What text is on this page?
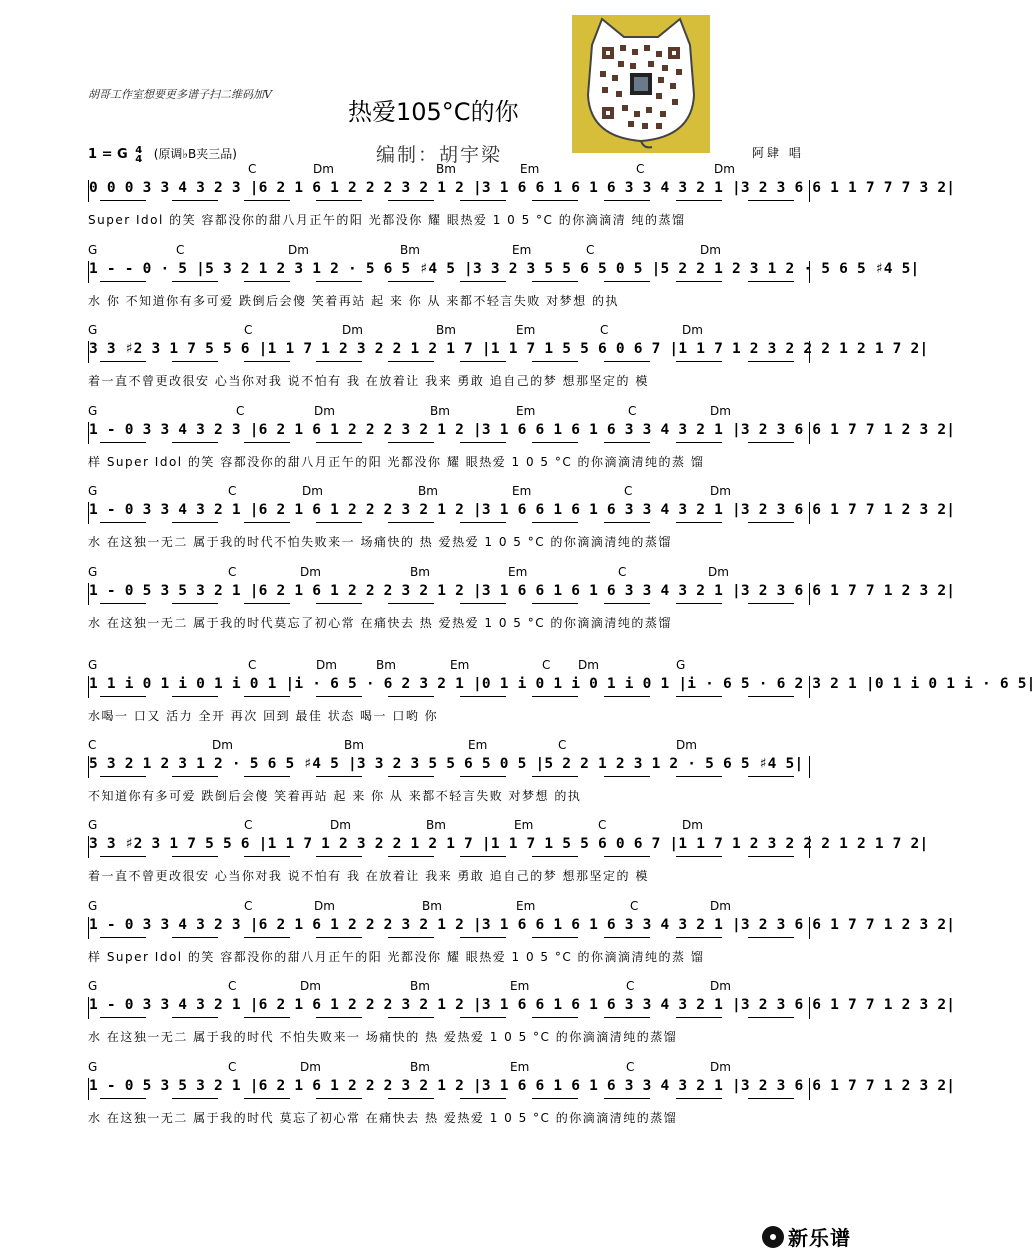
胡哥工作室想要更多谱子扫二维码加V
热爱105°C的你
1 = G 4
4 (原调♭B夹三品)	编制：胡宇梁	阿肆 唱
C	Dm	Bm	Em	C	Dm
0 0 0 3 3 4 3 2 3 |6 2 1 6 1 2 2 2 3 2 1 2 |3 1 6 6 1 6 1 6 3 3 4 3 2 1 |3 2 3 6 6 1 1 7 7 7 3 2|
Super Idol 的笑 容都没你的甜八月正午的阳 光都没你 耀 眼热爱 1 0 5 °C 的你滴滴清 纯的蒸馏
G	C	Dm	Bm	Em	C	Dm
1 - - 0 · 5 |5 3 2 1 2 3 1 2 · 5 6 5 ♯4 5 |3 3 2 3 5 5 6 5 0 5 |5 2 2 1 2 3 1 2 · 5 6 5 ♯4 5|
水 你 不知道你有多可爱 跌倒后会傻 笑着再站 起 来 你 从 来都不轻言失败 对梦想 的执
G	C	Dm	Bm	Em	C	Dm
3 3 ♯2 3 1 7 5 5 6 |1 1 7 1 2 3 2 2 1 2 1 7 |1 1 7 1 5 5 6 0 6 7 |1 1 7 1 2 3 2 2 2 1 2 1 7 2|
着一直不曾更改很安 心当你对我 说不怕有 我 在放着让 我来 勇敢 追自己的梦 想那坚定的 模
G	C	Dm	Bm	Em	C	Dm
1 - 0 3 3 4 3 2 3 |6 2 1 6 1 2 2 2 3 2 1 2 |3 1 6 6 1 6 1 6 3 3 4 3 2 1 |3 2 3 6 6 1 7 7 1 2 3 2|
样 Super Idol 的笑 容都没你的甜八月正午的阳 光都没你 耀 眼热爱 1 0 5 °C 的你滴滴清纯的蒸 馏
G	C	Dm	Bm	Em	C	Dm
1 - 0 3 3 4 3 2 1 |6 2 1 6 1 2 2 2 3 2 1 2 |3 1 6 6 1 6 1 6 3 3 4 3 2 1 |3 2 3 6 6 1 7 7 1 2 3 2|
水 在这独一无二 属于我的时代不怕失败来一 场痛快的 热 爱热爱 1 0 5 °C 的你滴滴清纯的蒸馏
G	C	Dm	Bm	Em	C	Dm
1 - 0 5 3 5 3 2 1 |6 2 1 6 1 2 2 2 3 2 1 2 |3 1 6 6 1 6 1 6 3 3 4 3 2 1 |3 2 3 6 6 1 7 7 1 2 3 2|
水 在这独一无二 属于我的时代莫忘了初心常 在痛快去 热 爱热爱 1 0 5 °C 的你滴滴清纯的蒸馏
G	C	Dm	Bm	Em	C Dm	G
1 1 i 0 1 i 0 1 i 0 1 |i · 6 5 · 6 2 3 2 1 |0 1 i 0 1 i 0 1 i 0 1 |i · 6 5 · 6 2 3 2 1 |0 1 i 0 1 i · 6 5|
水喝一 口又 活力 全开 再次 回到 最佳 状态 喝一 口哟 你
C	Dm	Bm	Em	C	Dm
5 3 2 1 2 3 1 2 · 5 6 5 ♯4 5 |3 3 2 3 5 5 6 5 0 5 |5 2 2 1 2 3 1 2 · 5 6 5 ♯4 5|
不知道你有多可爱 跌倒后会傻 笑着再站 起 来 你 从 来都不轻言失败 对梦想 的执
G	C	Dm	Bm	Em	C	Dm
3 3 ♯2 3 1 7 5 5 6 |1 1 7 1 2 3 2 2 1 2 1 7 |1 1 7 1 5 5 6 0 6 7 |1 1 7 1 2 3 2 2 2 1 2 1 7 2|
着一直不曾更改很安 心当你对我 说不怕有 我 在放着让 我来 勇敢 追自己的梦 想那坚定的 模
G	C	Dm	Bm	Em	C	Dm
1 - 0 3 3 4 3 2 3 |6 2 1 6 1 2 2 2 3 2 1 2 |3 1 6 6 1 6 1 6 3 3 4 3 2 1 |3 2 3 6 6 1 7 7 1 2 3 2|
样 Super Idol 的笑 容都没你的甜八月正午的阳 光都没你 耀 眼热爱 1 0 5 °C 的你滴滴清纯的蒸 馏
G	C	Dm	Bm	Em	C	Dm
1 - 0 3 3 4 3 2 1 |6 2 1 6 1 2 2 2 3 2 1 2 |3 1 6 6 1 6 1 6 3 3 4 3 2 1 |3 2 3 6 6 1 7 7 1 2 3 2|
水 在这独一无二 属于我的时代 不怕失败来一 场痛快的 热 爱热爱 1 0 5 °C 的你滴滴清纯的蒸馏
G	C	Dm	Bm	Em	C	Dm
1 - 0 5 3 5 3 2 1 |6 2 1 6 1 2 2 2 3 2 1 2 |3 1 6 6 1 6 1 6 3 3 4 3 2 1 |3 2 3 6 6 1 7 7 1 2 3 2|
水 在这独一无二 属于我的时代 莫忘了初心常 在痛快去 热 爱热爱 1 0 5 °C 的你滴滴清纯的蒸馏
新乐谱
